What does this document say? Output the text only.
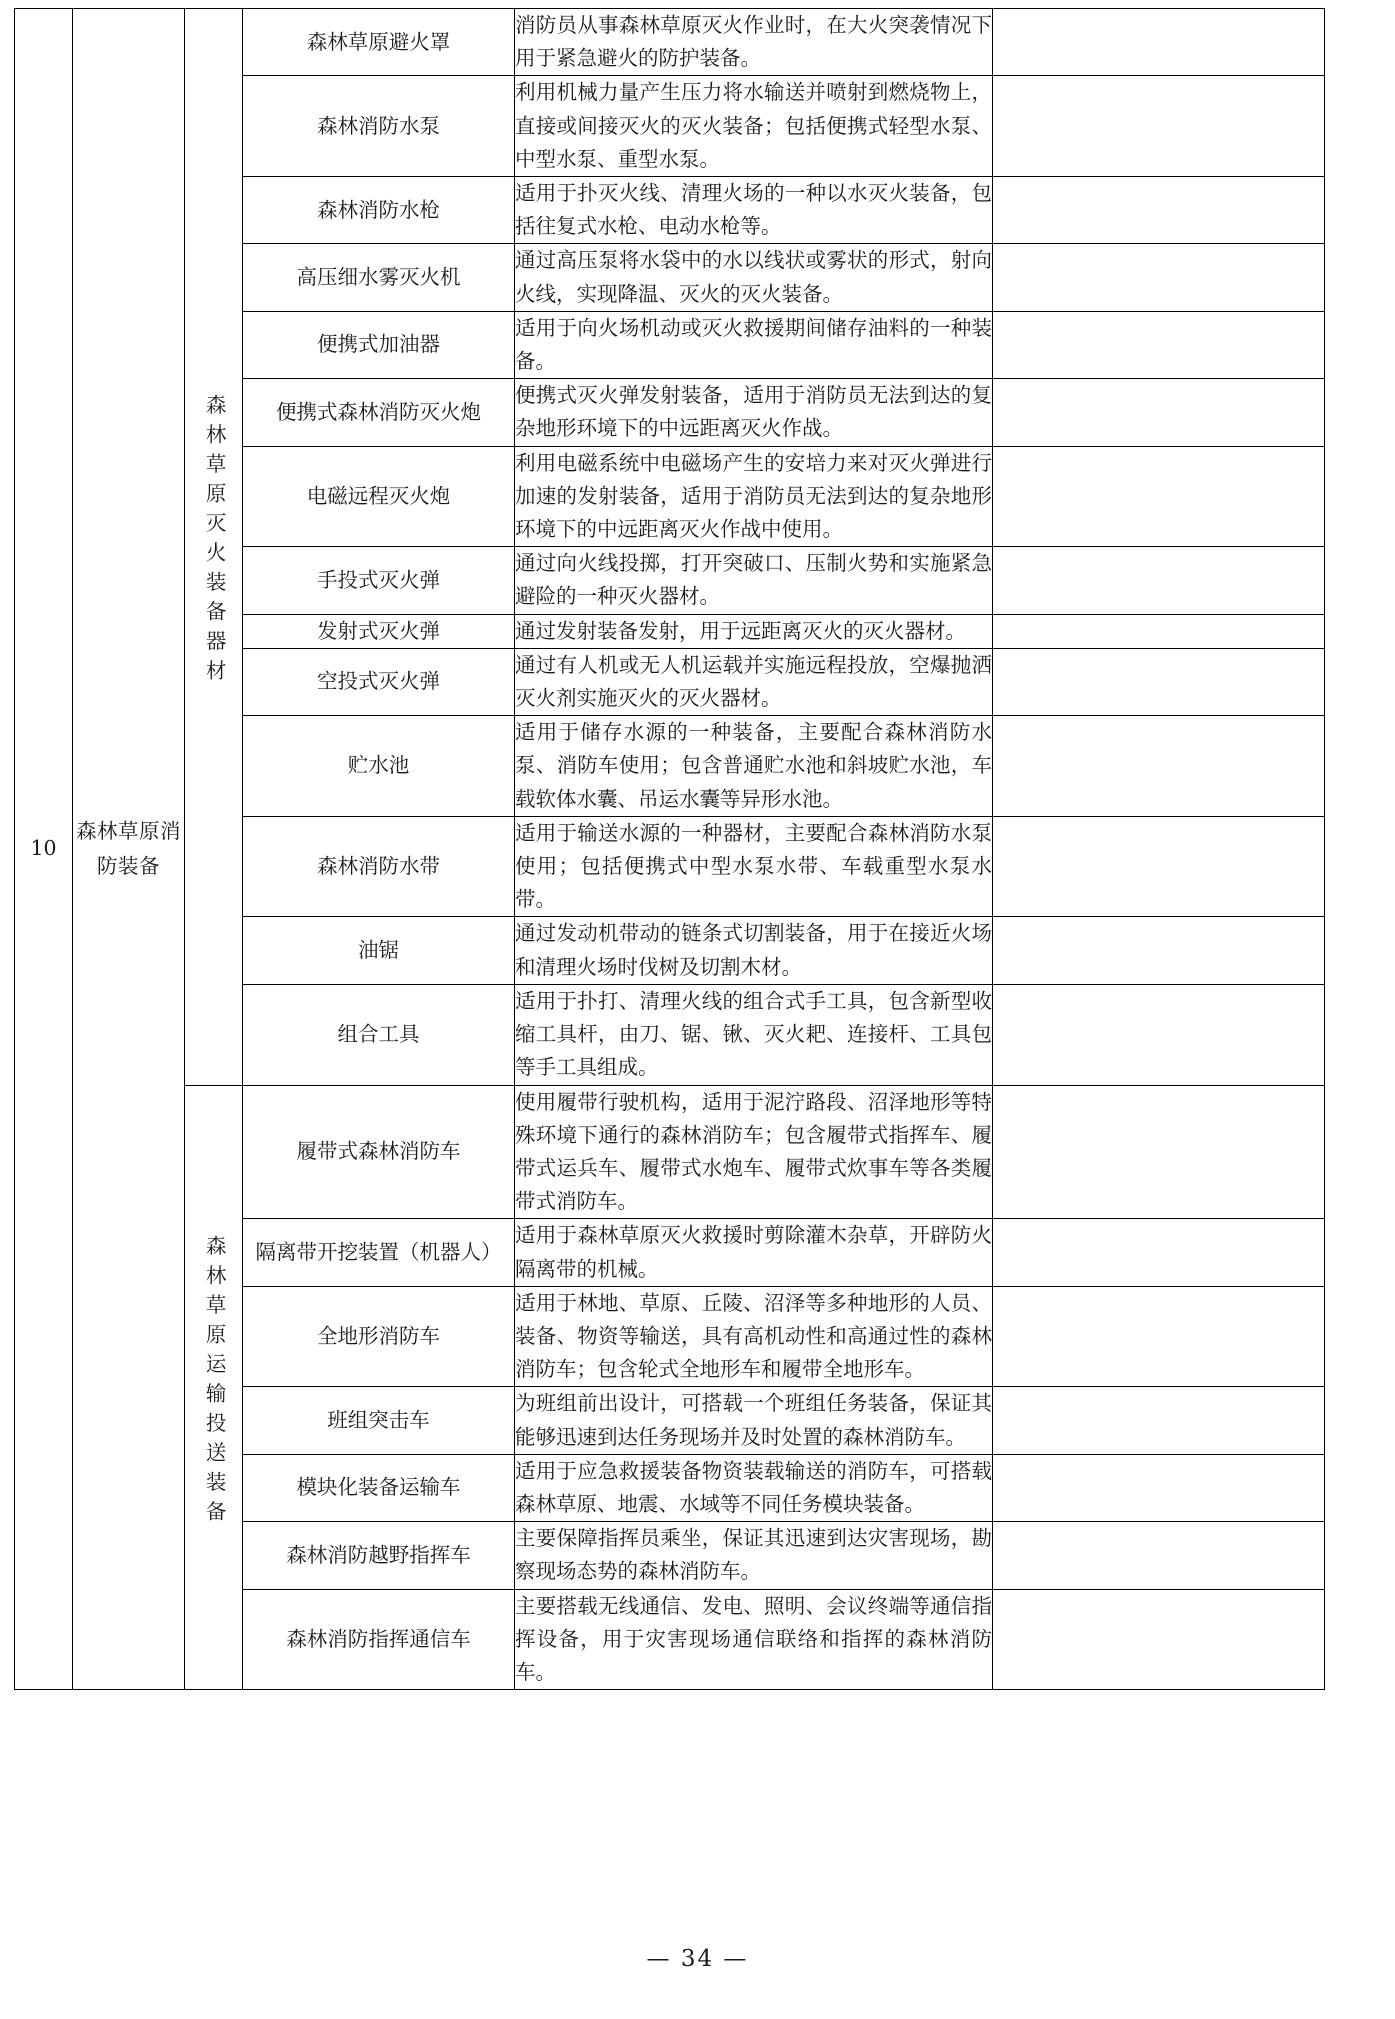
10	森林草原消防装备	森林草原灭火装备器材	森林草原避火罩	消防员从事森林草原灭火作业时，在大火突袭情况下用于紧急避火的防护装备。	
			森林消防水泵	利用机械力量产生压力将水输送并喷射到燃烧物上，直接或间接灭火的灭火装备；包括便携式轻型水泵、中型水泵、重型水泵。	
			森林消防水枪	适用于扑灭火线、清理火场的一种以水灭火装备，包括往复式水枪、电动水枪等。	
			高压细水雾灭火机	通过高压泵将水袋中的水以线状或雾状的形式，射向火线，实现降温、灭火的灭火装备。	
			便携式加油器	适用于向火场机动或灭火救援期间储存油料的一种装备。	
			便携式森林消防灭火炮	便携式灭火弹发射装备，适用于消防员无法到达的复杂地形环境下的中远距离灭火作战。	
			电磁远程灭火炮	利用电磁系统中电磁场产生的安培力来对灭火弹进行加速的发射装备，适用于消防员无法到达的复杂地形环境下的中远距离灭火作战中使用。	
			手投式灭火弹	通过向火线投掷，打开突破口、压制火势和实施紧急避险的一种灭火器材。	
			发射式灭火弹	通过发射装备发射，用于远距离灭火的灭火器材。	
			空投式灭火弹	通过有人机或无人机运载并实施远程投放，空爆抛洒灭火剂实施灭火的灭火器材。	
			贮水池	适用于储存水源的一种装备，主要配合森林消防水泵、消防车使用；包含普通贮水池和斜坡贮水池，车载软体水囊、吊运水囊等异形水池。	
			森林消防水带	适用于输送水源的一种器材，主要配合森林消防水泵使用；包括便携式中型水泵水带、车载重型水泵水带。	
			油锯	通过发动机带动的链条式切割装备，用于在接近火场和清理火场时伐树及切割木材。	
			组合工具	适用于扑打、清理火线的组合式手工具，包含新型收缩工具杆，由刀、锯、锹、灭火耙、连接杆、工具包等手工具组成。	
		森林草原运输投送装备	履带式森林消防车	使用履带行驶机构，适用于泥泞路段、沼泽地形等特殊环境下通行的森林消防车；包含履带式指挥车、履带式运兵车、履带式水炮车、履带式炊事车等各类履带式消防车。	
			隔离带开挖装置（机器人）	适用于森林草原灭火救援时剪除灌木杂草，开辟防火隔离带的机械。	
			全地形消防车	适用于林地、草原、丘陵、沼泽等多种地形的人员、装备、物资等输送，具有高机动性和高通过性的森林消防车；包含轮式全地形车和履带全地形车。	
			班组突击车	为班组前出设计，可搭载一个班组任务装备，保证其能够迅速到达任务现场并及时处置的森林消防车。	
			模块化装备运输车	适用于应急救援装备物资装载输送的消防车，可搭载森林草原、地震、水域等不同任务模块装备。	
			森林消防越野指挥车	主要保障指挥员乘坐，保证其迅速到达灾害现场，勘察现场态势的森林消防车。	
			森林消防指挥通信车	主要搭载无线通信、发电、照明、会议终端等通信指挥设备，用于灾害现场通信联络和指挥的森林消防车。	
— 34 —
